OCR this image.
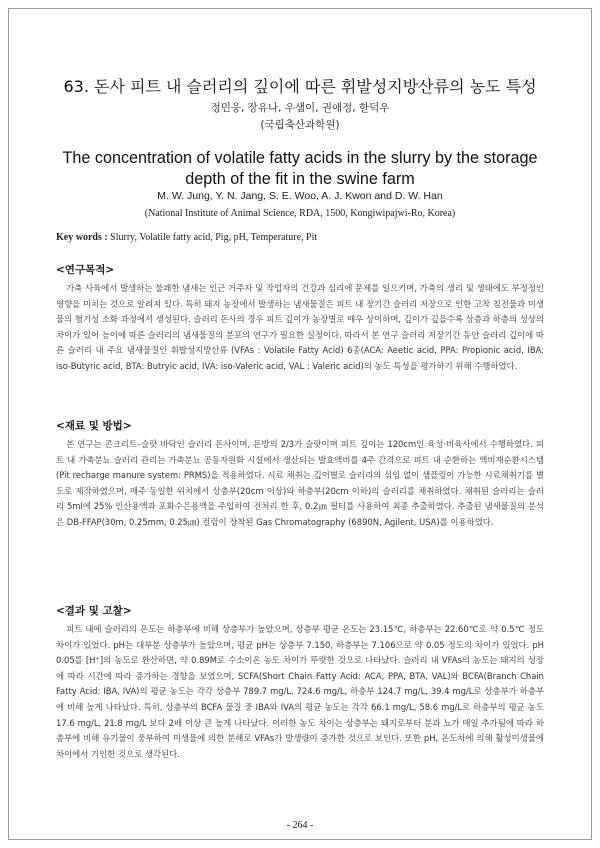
63. 돈사 피트 내 슬러리의 깊이에 따른 휘발성지방산류의 농도 특성
정민웅, 장유나, 우샘이, 권애정, 한덕우
(국립축산과학원)
The concentration of volatile fatty acids in the slurry by the storage depth of the fit in the swine farm
M. W. Jung, Y. N. Jang, S. E. Woo, A. J. Kwon and D. W. Han
(National Institute of Animal Science, RDA, 1500, Kongiwipajwi-Ro, Korea)
Key words : Slurry, Volatile fatty acid, Pig, pH, Temperature, Pit
<연구목적>

가축 사육에서 발생하는 불쾌한 냄새는 인근 거주자 및 작업자의 건강과 심리에 문제를 일으키며, 가축의 생리 및 생태에도 부정정인 영향을 미치는 것으로 알려져 있다. 특히 돼지 농장에서 발생하는 냄새물질은 피트 내 장기간 슬러리 저장으로 인한 고착 침전물과 미생물의 혐기성 소화 과정에서 생성된다. 슬러리 돈사의 경우 피트 깊이가 농장별로 매우 상이하며, 깊이가 깊을수록 상층과 하층의 성상의 차이가 있어 높이에 따른 슬러리의 냄새물질의 분포의 연구가 필요한 실정이다. 따라서 본 연구 슬러리 저장기간 동안 슬러리 깊이에 따른 슬러리 내 주요 냄새물질인 휘발성지방산류 (VFAs : Volatile Fatty Acid) 6종(ACA: Aeetic acid, PPA: Propionic acid, IBA: iso-Butyric acid, BTA: Butryic acid, IVA: iso-Valeric acid, VAL : Valeric acid)의 농도 특성을 평가하기 위해 수행하였다.

<재료 및 방법>

본 연구는 콘크리트–슬랏 바닥인 슬러리 돈사이며, 돈방의 2/3가 슬랏이며 피트 깊이는 120cm인 육성·비육사에서 수행하였다. 피트 내 가축분뇨 슬러리 관리는 가축분뇨 공동자원화 시설에서 생산되는 발효액비를 4주 간격으로 피트 내 순환하는 액비재순환시스템(Pit recharge manure system: PRMS)을 적용하였다. 시료 채취는 깊이별로 슬러리의 섞임 없이 샘플링이 가능한 시료채취기를 별도로 제작하였으며, 매주 동일한 위치에서 상층부(20cm 이상)와 하층부(20cm 이하)의 슬러리를 채취하였다. 채취된 슬러리는 슬러리 5ml에 25% 인산용액과 포화수은용액을 주입하여 전처리 한 후, 0.2㎛ 필터를 사용하여 최종 추출하였다. 추출된 냄새물질의 분석은 DB-FFAP(30m, 0.25mm, 0.25㎛) 컬럼이 장착된 Gas Chromatography (6890N, Agilent, USA)를 이용하였다.

<결과 및 고찰>

피트 내에 슬러리의 온도는 하층부에 비해 상층부가 높았으며, 상층부 평균 온도는 23.15℃, 하층부는 22.60℃로 약 0.5℃ 정도 차이가 있었다. pH는 대부분 상층부가 높았으며, 평균 pH는 상층부 7.150, 하층부는 7.106으로 약 0.05 정도의 차이가 있었다. pH 0.05를 [H⁺]의 농도로 환산하면, 약 0.89M로 수소이온 농도 차이가 뚜렷한 것으로 나타났다. 슬러리 내 VFAs의 농도는 돼지의 성장에 따라 시간에 따라 증가하는 경향을 보였으며, SCFA(Short Chain Fatty Acid: ACA, PPA, BTA, VAL)와 BCFA(Branch Chain Fatty Acid: IBA, IVA)의 평균 농도는 각각 상층부 789.7 mg/L, 724.6 mg/L, 하층부 124.7 mg/L, 39.4 mg/L로 상층부가 하층부에 비해 높게 나타났다. 특히, 상층부의 BCFA 물질 중 IBA와 IVA의 평균 농도는 각각 66.1 mg/L, 58.6 mg/L로 하층부의 평균 농도 17.6 mg/L, 21.8 mg/L 보다 2배 이상 큰 높게 나타났다. 이러한 농도 차이는 상층부는 돼지로부터 분과 뇨가 매일 추가됨에 따라 하층부에 비해 유기물이 풍부하여 미생물에 의한 분해로 VFAs가 발생량이 증가한 것으로 보인다. 또한 pH, 온도차에 의해 활성미생물에 차이에서 기인한 것으로 생각된다.

- 264 -
